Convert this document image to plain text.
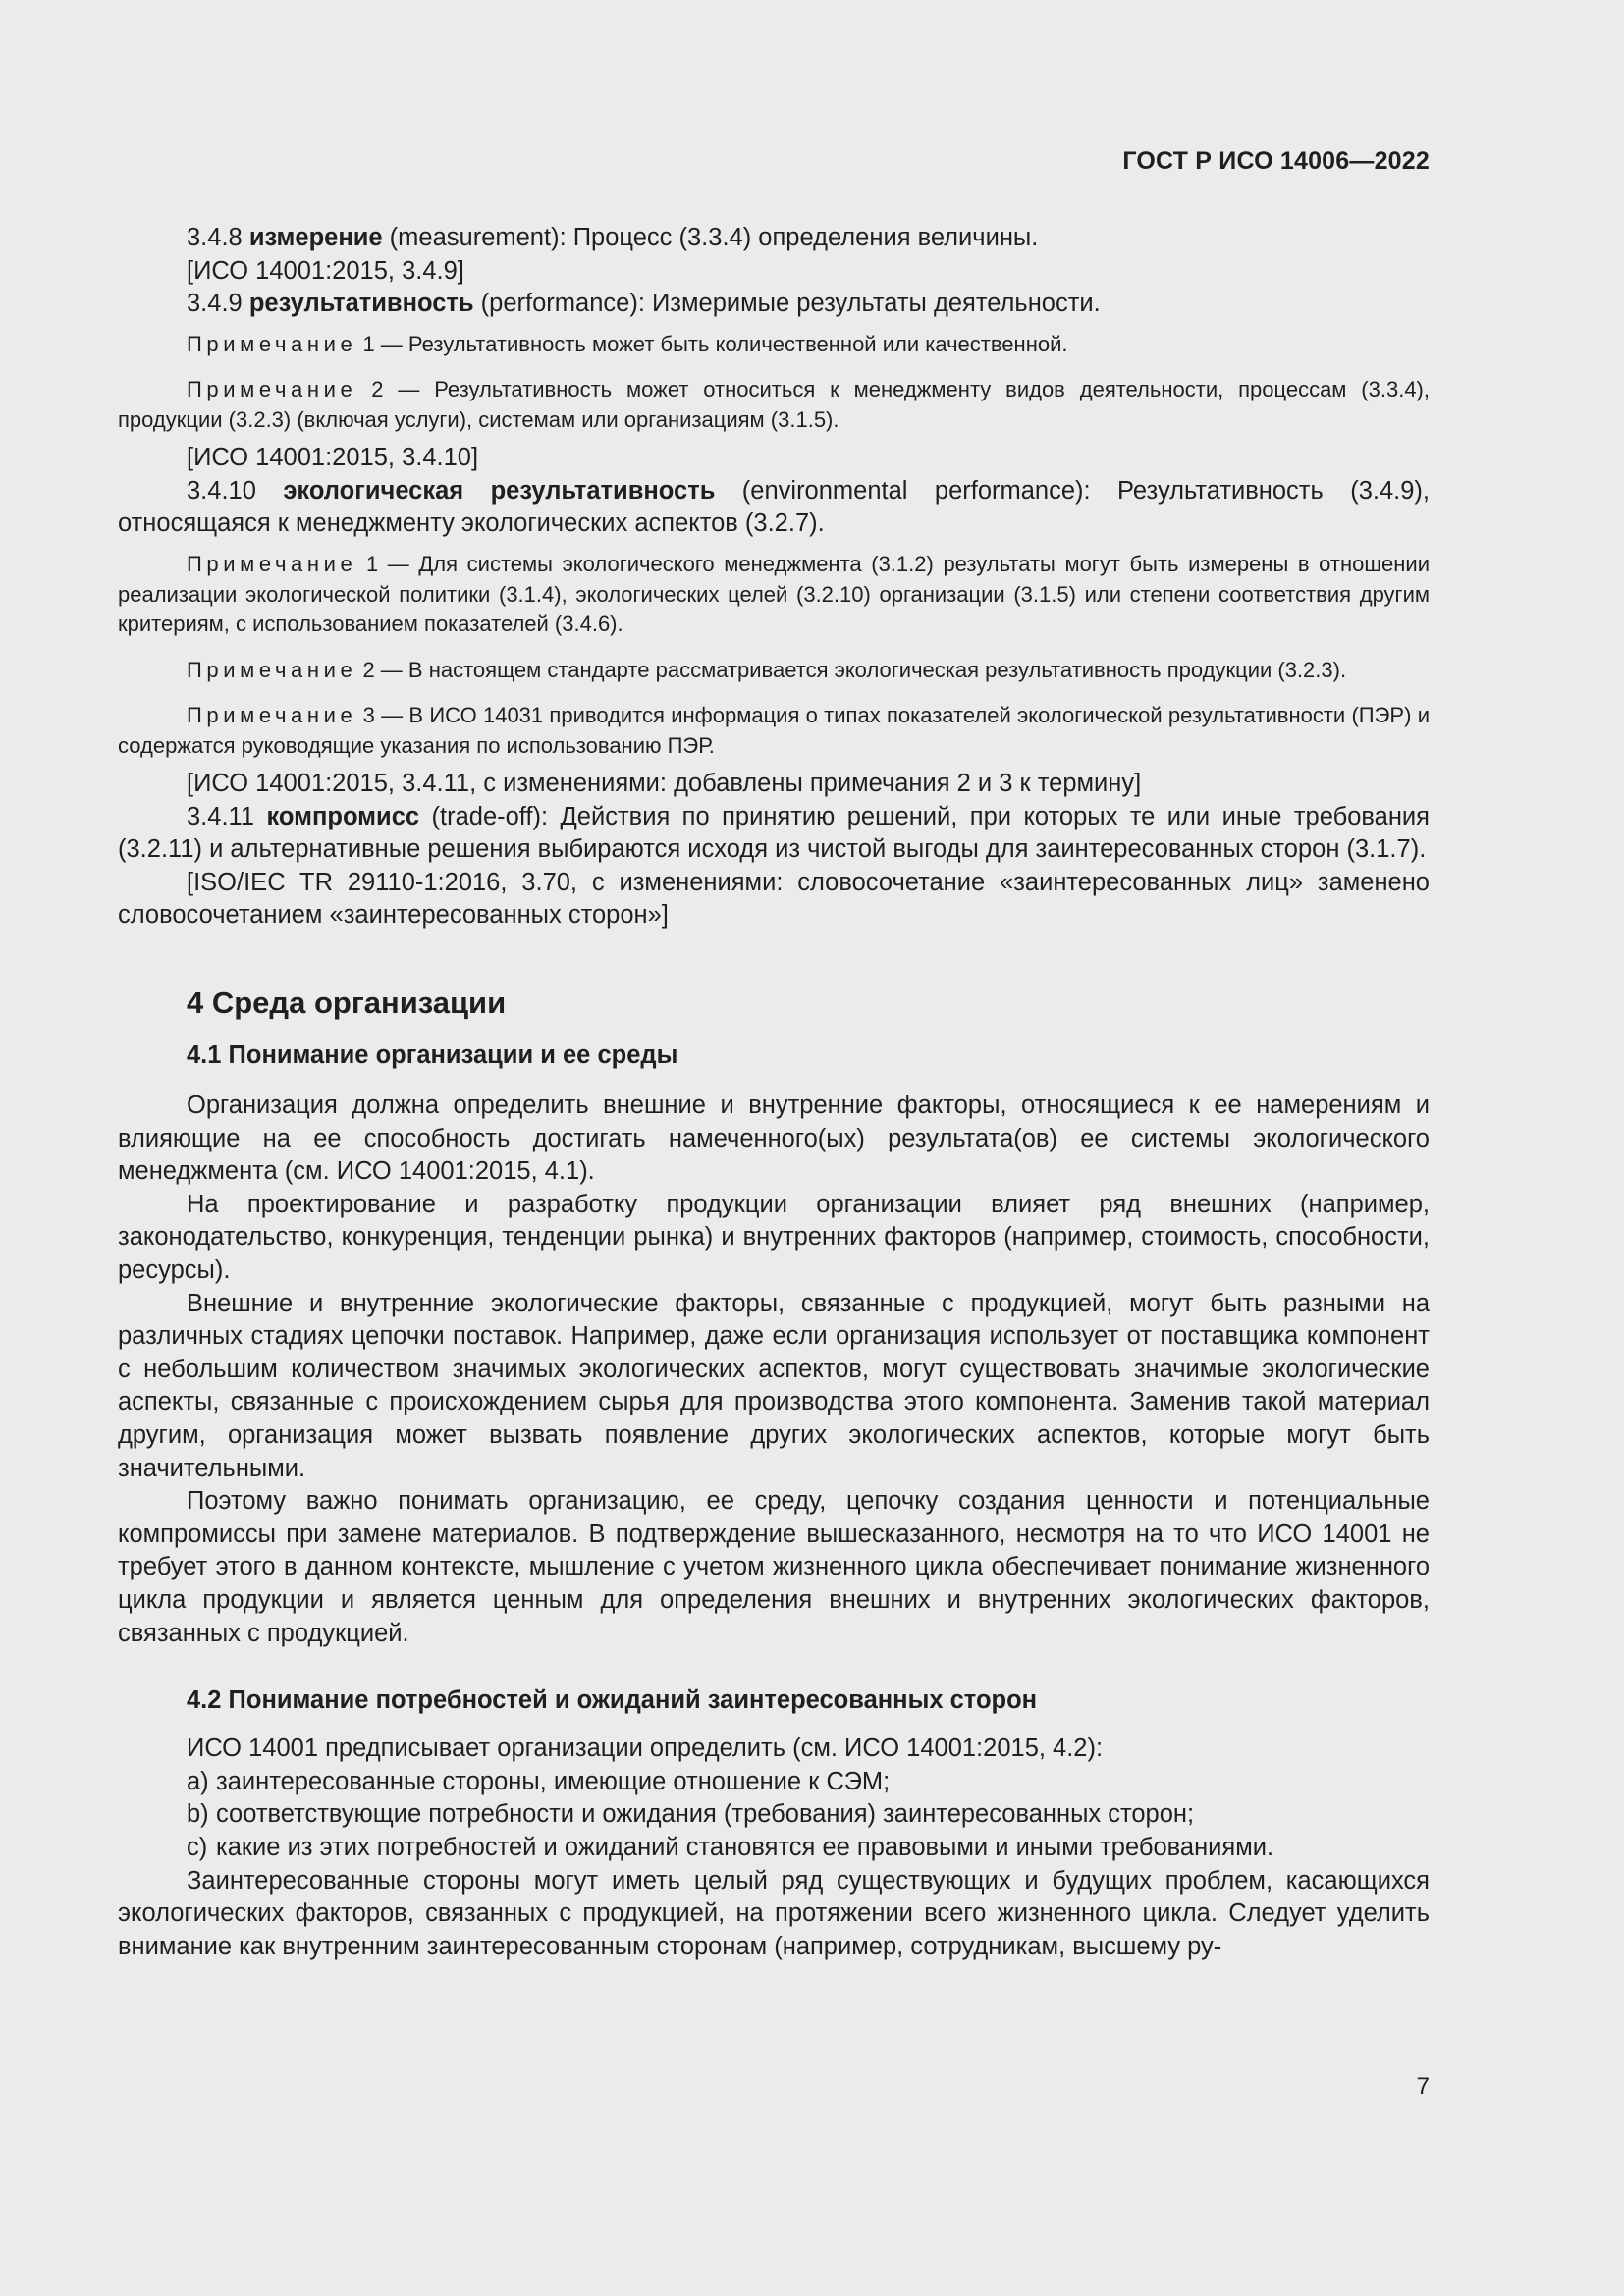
ГОСТ Р ИСО 14006—2022

3.4.8 измерение (measurement): Процесс (3.3.4) определения величины.

[ИСО 14001:2015, 3.4.9]

3.4.9 результативность (performance): Измеримые результаты деятельности.

Примечание 1 — Результативность может быть количественной или качественной.

Примечание 2 — Результативность может относиться к менеджменту видов деятельности, процессам (3.3.4), продукции (3.2.3) (включая услуги), системам или организациям (3.1.5).

[ИСО 14001:2015, 3.4.10]

3.4.10 экологическая результативность (environmental performance): Результативность (3.4.9), относящаяся к менеджменту экологических аспектов (3.2.7).

Примечание 1 — Для системы экологического менеджмента (3.1.2) результаты могут быть измерены в отношении реализации экологической политики (3.1.4), экологических целей (3.2.10) организации (3.1.5) или степени соответствия другим критериям, с использованием показателей (3.4.6).

Примечание 2 — В настоящем стандарте рассматривается экологическая результативность продукции (3.2.3).

Примечание 3 — В ИСО 14031 приводится информация о типах показателей экологической результативности (ПЭР) и содержатся руководящие указания по использованию ПЭР.

[ИСО 14001:2015, 3.4.11, с изменениями: добавлены примечания 2 и 3 к термину]

3.4.11 компромисс (trade-off): Действия по принятию решений, при которых те или иные требования (3.2.11) и альтернативные решения выбираются исходя из чистой выгоды для заинтересованных сторон (3.1.7).

[ISO/IEC TR 29110-1:2016, 3.70, с изменениями: словосочетание «заинтересованных лиц» заменено словосочетанием «заинтересованных сторон»]

4 Среда организации
4.1 Понимание организации и ее среды

Организация должна определить внешние и внутренние факторы, относящиеся к ее намерениям и влияющие на ее способность достигать намеченного(ых) результата(ов) ее системы экологического менеджмента (см. ИСО 14001:2015, 4.1).

На проектирование и разработку продукции организации влияет ряд внешних (например, законодательство, конкуренция, тенденции рынка) и внутренних факторов (например, стоимость, способности, ресурсы).

Внешние и внутренние экологические факторы, связанные с продукцией, могут быть разными на различных стадиях цепочки поставок. Например, даже если организация использует от поставщика компонент с небольшим количеством значимых экологических аспектов, могут существовать значимые экологические аспекты, связанные с происхождением сырья для производства этого компонента. Заменив такой материал другим, организация может вызвать появление других экологических аспектов, которые могут быть значительными.

Поэтому важно понимать организацию, ее среду, цепочку создания ценности и потенциальные компромиссы при замене материалов. В подтверждение вышесказанного, несмотря на то что ИСО 14001 не требует этого в данном контексте, мышление с учетом жизненного цикла обеспечивает понимание жизненного цикла продукции и является ценным для определения внешних и внутренних экологических факторов, связанных с продукцией.

4.2 Понимание потребностей и ожиданий заинтересованных сторон

ИСО 14001 предписывает организации определить (см. ИСО 14001:2015, 4.2):

a) заинтересованные стороны, имеющие отношение к СЭМ;

b) соответствующие потребности и ожидания (требования) заинтересованных сторон;

c) какие из этих потребностей и ожиданий становятся ее правовыми и иными требованиями.

Заинтересованные стороны могут иметь целый ряд существующих и будущих проблем, касающихся экологических факторов, связанных с продукцией, на протяжении всего жизненного цикла. Следует уделить внимание как внутренним заинтересованным сторонам (например, сотрудникам, высшему ру-

7
